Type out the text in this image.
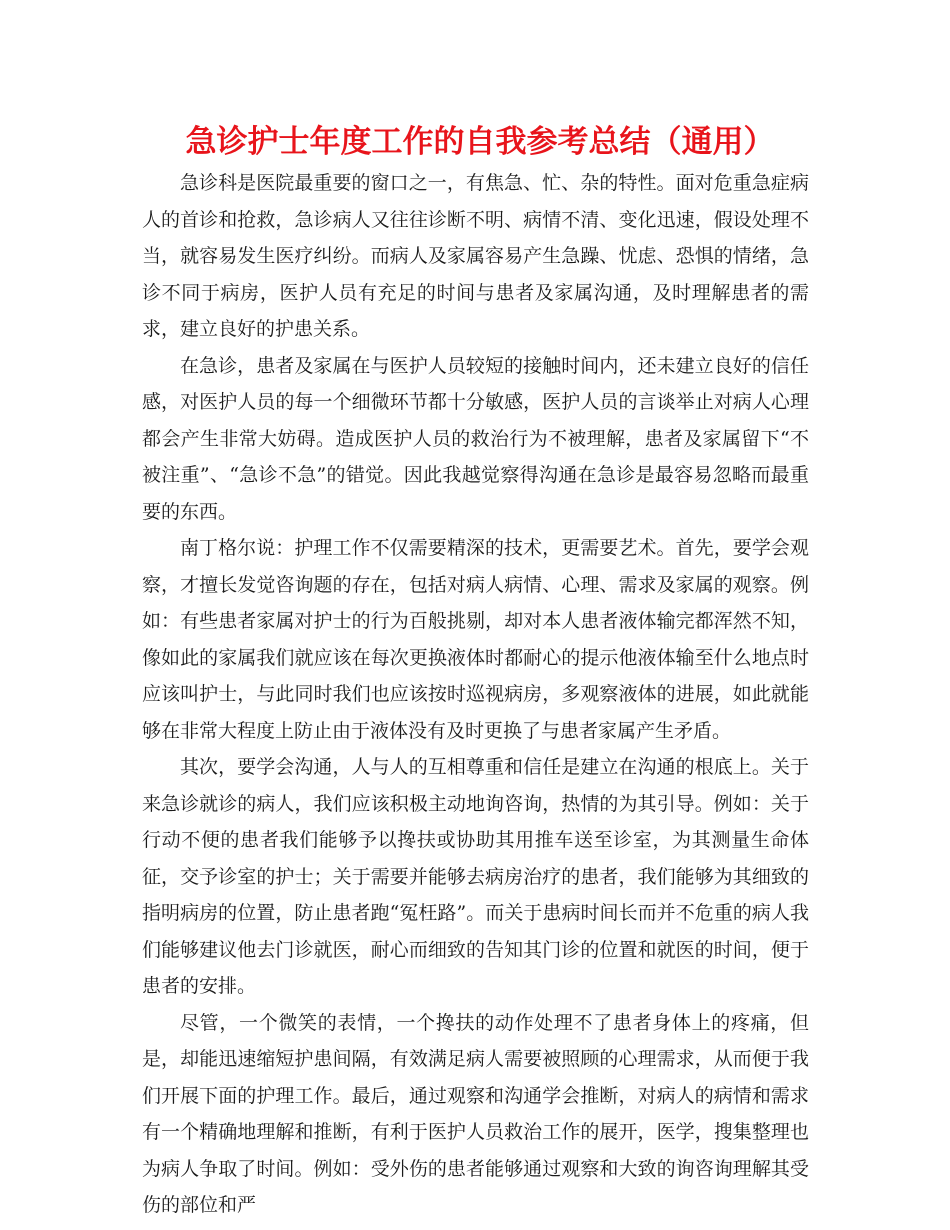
急诊护士年度工作的自我参考总结（通用）

急诊科是医院最重要的窗口之一，有焦急、忙、杂的特性。面对危重急症病人的首诊和抢救，急诊病人又往往诊断不明、病情不清、变化迅速，假设处理不当，就容易发生医疗纠纷。而病人及家属容易产生急躁、忧虑、恐惧的情绪，急诊不同于病房，医护人员有充足的时间与患者及家属沟通，及时理解患者的需求，建立良好的护患关系。

在急诊，患者及家属在与医护人员较短的接触时间内，还未建立良好的信任感，对医护人员的每一个细微环节都十分敏感，医护人员的言谈举止对病人心理都会产生非常大妨碍。造成医护人员的救治行为不被理解，患者及家属留下“不被注重”、“急诊不急”的错觉。因此我越觉察得沟通在急诊是最容易忽略而最重要的东西。

南丁格尔说：护理工作不仅需要精深的技术，更需要艺术。首先，要学会观察，才擅长发觉咨询题的存在，包括对病人病情、心理、需求及家属的观察。例如：有些患者家属对护士的行为百般挑剔，却对本人患者液体输完都浑然不知，像如此的家属我们就应该在每次更换液体时都耐心的提示他液体输至什么地点时应该叫护士，与此同时我们也应该按时巡视病房，多观察液体的进展，如此就能够在非常大程度上防止由于液体没有及时更换了与患者家属产生矛盾。

其次，要学会沟通，人与人的互相尊重和信任是建立在沟通的根底上。关于来急诊就诊的病人，我们应该积极主动地询咨询，热情的为其引导。例如：关于行动不便的患者我们能够予以搀扶或协助其用推车送至诊室，为其测量生命体征，交予诊室的护士；关于需要并能够去病房治疗的患者，我们能够为其细致的指明病房的位置，防止患者跑“冤枉路”。而关于患病时间长而并不危重的病人我们能够建议他去门诊就医，耐心而细致的告知其门诊的位置和就医的时间，便于患者的安排。

尽管，一个微笑的表情，一个搀扶的动作处理不了患者身体上的疼痛，但是，却能迅速缩短护患间隔，有效满足病人需要被照顾的心理需求，从而便于我们开展下面的护理工作。最后，通过观察和沟通学会推断，对病人的病情和需求有一个精确地理解和推断，有利于医护人员救治工作的展开，医学，搜集整理也为病人争取了时间。例如：受外伤的患者能够通过观察和大致的询咨询理解其受伤的部位和严
